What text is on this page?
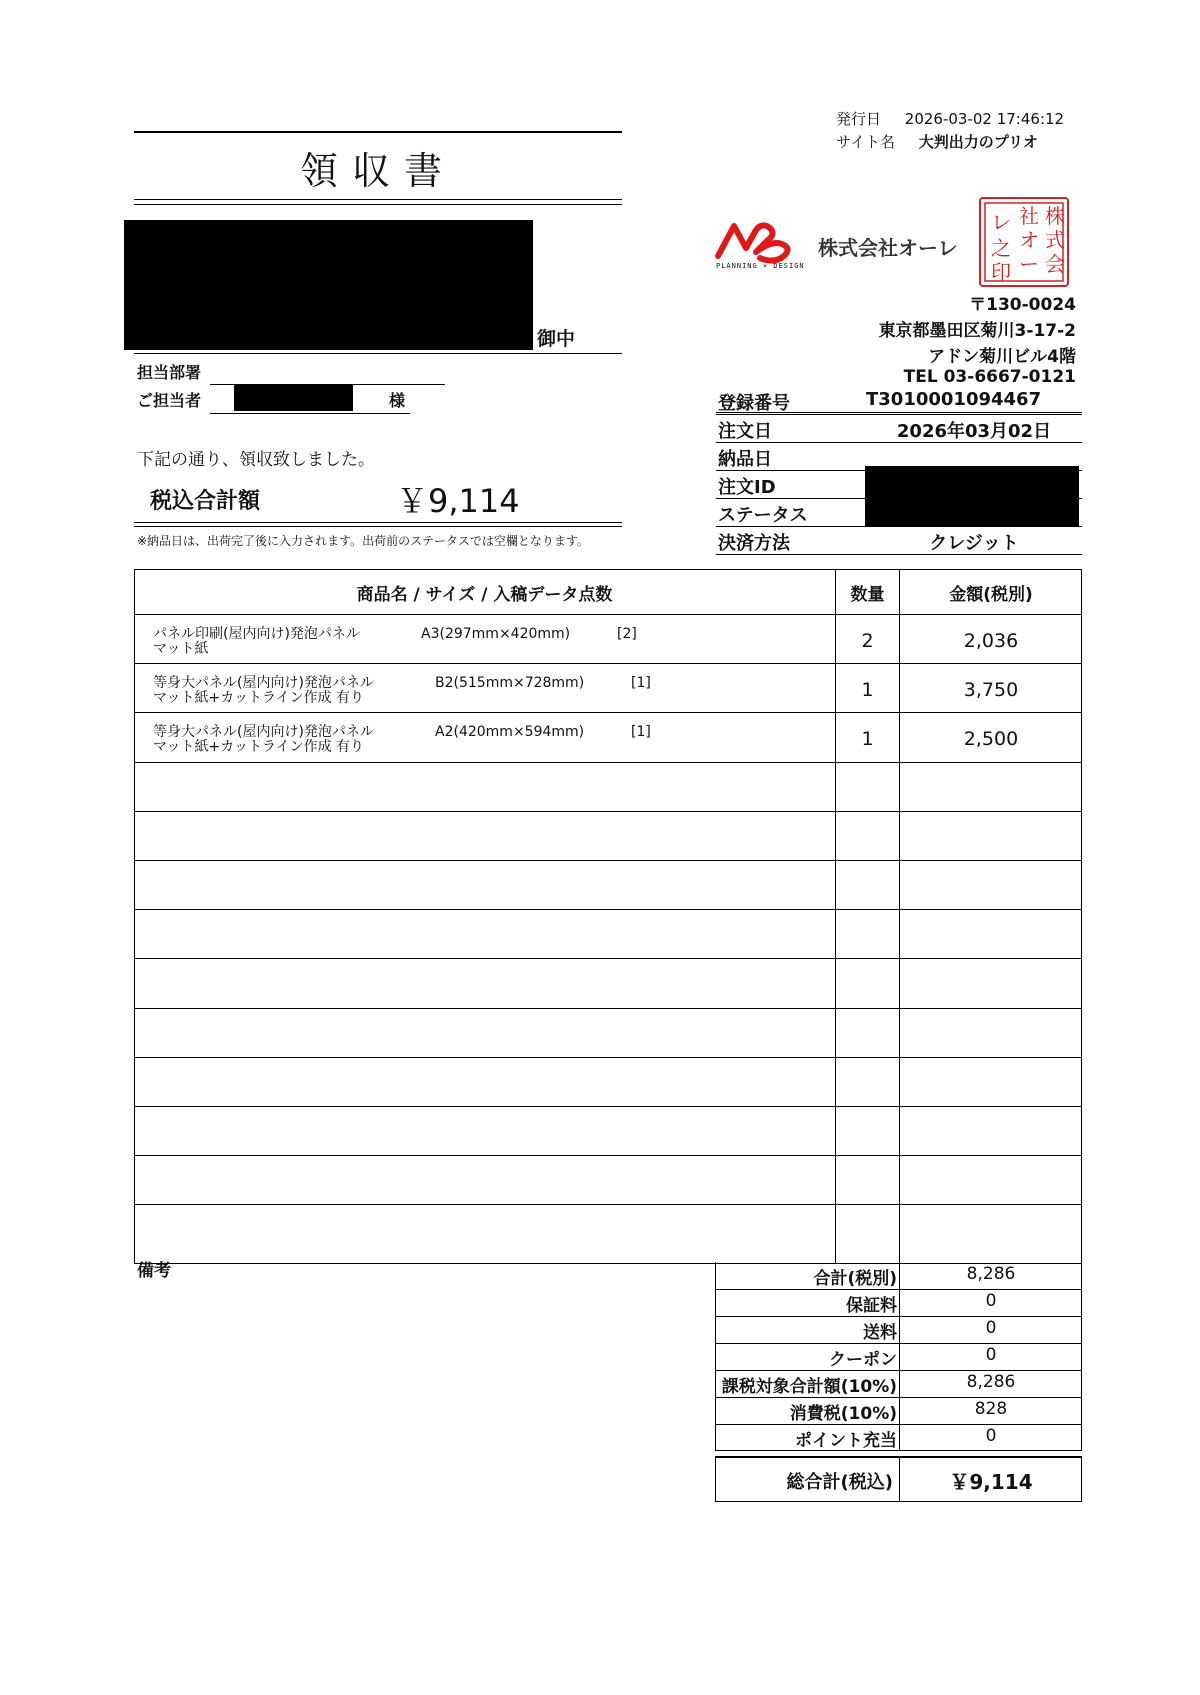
発行日 2026-03-02 17:46:12
サイト名 大判出力のプリオ
領収書
御中
担当部署
ご担当者	様
下記の通り、領収致しました。
税込合計額	￥9,114
※納品日は、出荷完了後に入力されます。出荷前のステータスでは空欄となります。
PLANNING × DESIGN
株式会社オーレ
株
式
会
社
オ
ー
レ
之
印
〒130-0024
東京都墨田区菊川3-17-2
アドン菊川ビル4階
TEL 03-6667-0121
登録番号	T3010001094467
注文日	2026年03月02日
納品日
注文ID
ステータス
決済方法	クレジット
商品名 / サイズ / 入稿データ点数	数量	金額(税別)
パネル印刷(屋内向け)発泡パネル	A3(297mm×420mm)	[2]
マット紙	2	2,036
等身大パネル(屋内向け)発泡パネル	B2(515mm×728mm)	[1]
マット紙+カットライン作成 有り	1	3,750
等身大パネル(屋内向け)発泡パネル	A2(420mm×594mm)	[1]
マット紙+カットライン作成 有り	1	2,500
備考	合計(税別)	8,286
保証料	0
送料	0
クーポン	0
課税対象合計額(10%)	8,286
消費税(10%)	828
ポイント充当	0
総合計(税込)	￥9,114
